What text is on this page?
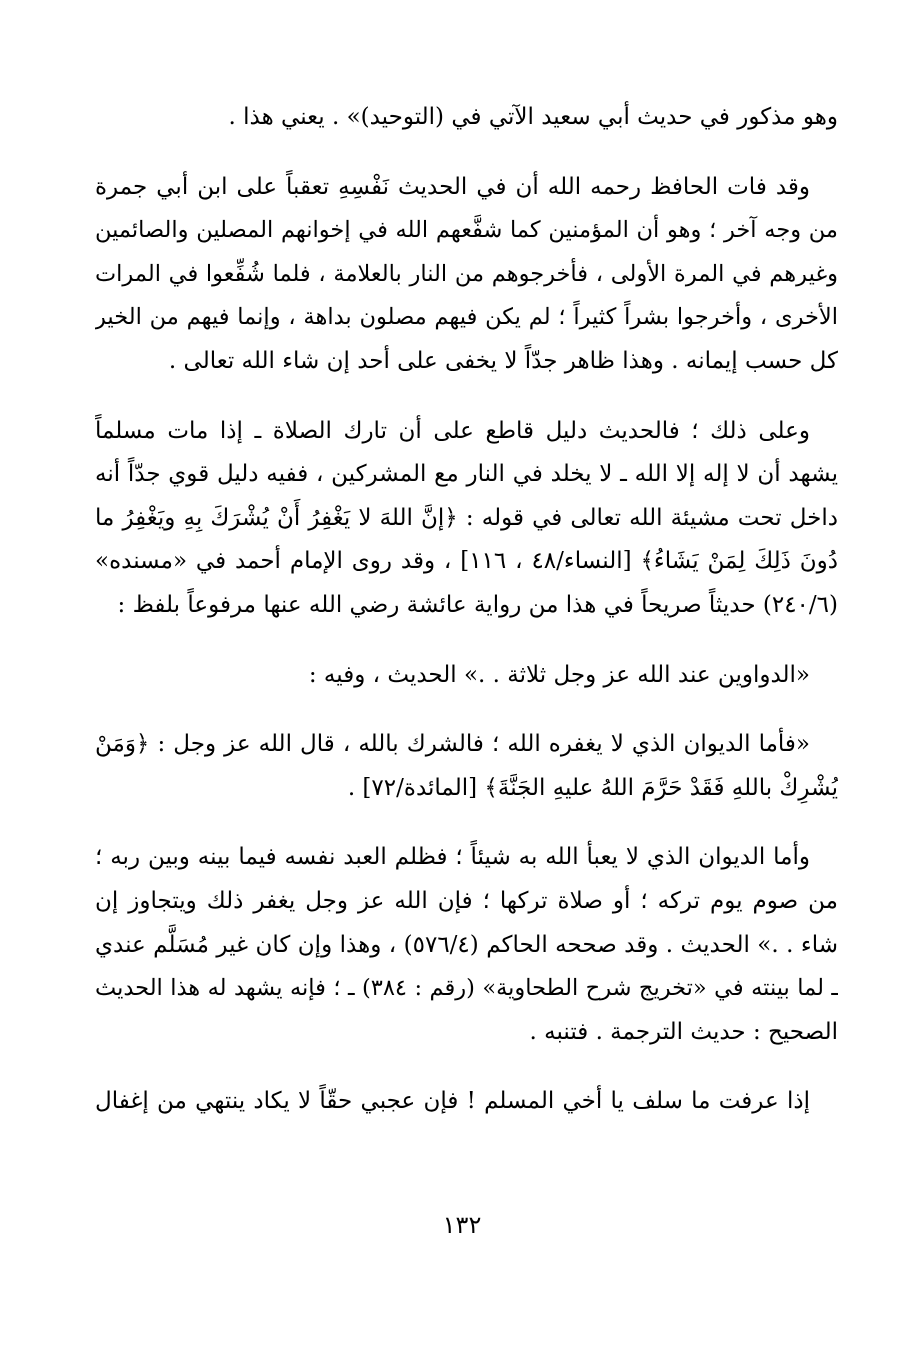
وهو مذكور في حديث أبي سعيد الآتي في (التوحيد)» . يعني هذا .
وقد فات الحافظ رحمه الله أن في الحديث نَفْسِهِ تعقباً على ابن أبي جمرة
من وجه آخر ؛ وهو أن المؤمنين كما شفَّعهم الله في إخوانهم المصلين والصائمين
وغيرهم في المرة الأولى ، فأخرجوهم من النار بالعلامة ، فلما شُفِّعوا في المرات
الأخرى ، وأخرجوا بشراً كثيراً ؛ لم يكن فيهم مصلون بداهة ، وإنما فيهم من الخير
كل حسب إيمانه . وهذا ظاهر جدّاً لا يخفى على أحد إن شاء الله تعالى .
وعلى ذلك ؛ فالحديث دليل قاطع على أن تارك الصلاة ـ إذا مات مسلماً
يشهد أن لا إله إلا الله ـ لا يخلد في النار مع المشركين ، ففيه دليل قوي جدّاً أنه
داخل تحت مشيئة الله تعالى في قوله : ﴿إنَّ اللهَ لا يَغْفِرُ أَنْ يُشْرَكَ بِهِ ويَغْفِرُ ما
دُونَ ذَلِكَ لِمَنْ يَشَاءُ﴾ [النساء/٤٨ ، ١١٦] ، وقد روى الإمام أحمد في «مسنده»
(٢٤٠/٦) حديثاً صريحاً في هذا من رواية عائشة رضي الله عنها مرفوعاً بلفظ :
«الدواوين عند الله عز وجل ثلاثة . .» الحديث ، وفيه :
«فأما الديوان الذي لا يغفره الله ؛ فالشرك بالله ، قال الله عز وجل : ﴿وَمَنْ
يُشْرِكْ باللهِ فَقَدْ حَرَّمَ اللهُ عليهِ الجَنَّةَ﴾ [المائدة/٧٢] .
وأما الديوان الذي لا يعبأ الله به شيئاً ؛ فظلم العبد نفسه فيما بينه وبين ربه ؛
من صوم يوم تركه ؛ أو صلاة تركها ؛ فإن الله عز وجل يغفر ذلك ويتجاوز إن
شاء . .» الحديث . وقد صححه الحاكم (٥٧٦/٤) ، وهذا وإن كان غير مُسَلَّم عندي
ـ لما بينته في «تخريج شرح الطحاوية» (رقم : ٣٨٤) ـ ؛ فإنه يشهد له هذا الحديث
الصحيح : حديث الترجمة . فتنبه .
إذا عرفت ما سلف يا أخي المسلم ! فإن عجبي حقّاً لا يكاد ينتهي من إغفال
١٣٢
